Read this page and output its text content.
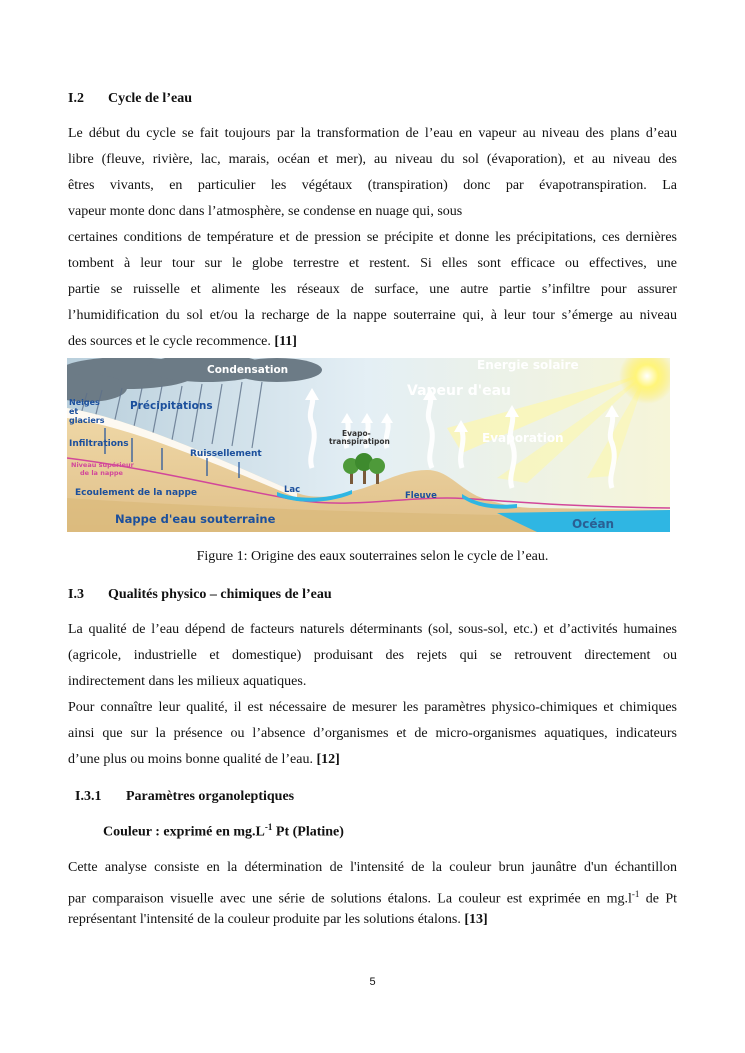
I.2 Cycle de l’eau
Le début du cycle se fait toujours par la transformation de l’eau en vapeur au niveau des plans d’eau
libre (fleuve, rivière, lac, marais, océan et mer), au niveau du sol (évaporation), et au niveau des
êtres vivants, en particulier les végétaux (transpiration) donc par évapotranspiration. La
vapeur monte donc dans l’atmosphère, se condense en nuage qui, sous
certaines conditions de température et de pression se précipite et donne les précipitations, ces dernières
tombent à leur tour sur le globe terrestre et restent. Si elles sont efficace ou effectives, une
partie se ruisselle et alimente les réseaux de surface, une autre partie s’infiltre pour assurer
l’humidification du sol et/ou la recharge de la nappe souterraine qui, à leur tour s’émerge au niveau
des sources et le cycle recommence. [11]
Condensation	Energie solaire
Vapeur d'eau
Neiges
et
glaciers
Précipitations
Infiltrations
Ruissellement
Niveau supérieur
de la nappe
Evapo-
transpiratipon	Evaporation
Ecoulement de la nappe	Lac
Fleuve
Nappe d'eau souterraine	Océan
Figure 1: Origine des eaux souterraines selon le cycle de l’eau.
I.3 Qualités physico – chimiques de l’eau
La qualité de l’eau dépend de facteurs naturels déterminants (sol, sous-sol, etc.) et d’activités humaines
(agricole, industrielle et domestique) produisant des rejets qui se retrouvent directement ou
indirectement dans les milieux aquatiques.
Pour connaître leur qualité, il est nécessaire de mesurer les paramètres physico-chimiques et chimiques
ainsi que sur la présence ou l’absence d’organismes et de micro-organismes aquatiques, indicateurs
d’une plus ou moins bonne qualité de l’eau. [12]
I.3.1 Paramètres organoleptiques
Couleur : exprimé en $mg.L^{-1}$ Pt (Platine)
Cette analyse consiste en la détermination de l'intensité de la couleur brun jaunâtre d'un échantillon
par comparaison visuelle avec une série de solutions étalons. La couleur est exprimée en $mg.l^{-1}$ de Pt
représentant l'intensité de la couleur produite par les solutions étalons. [13]
5
